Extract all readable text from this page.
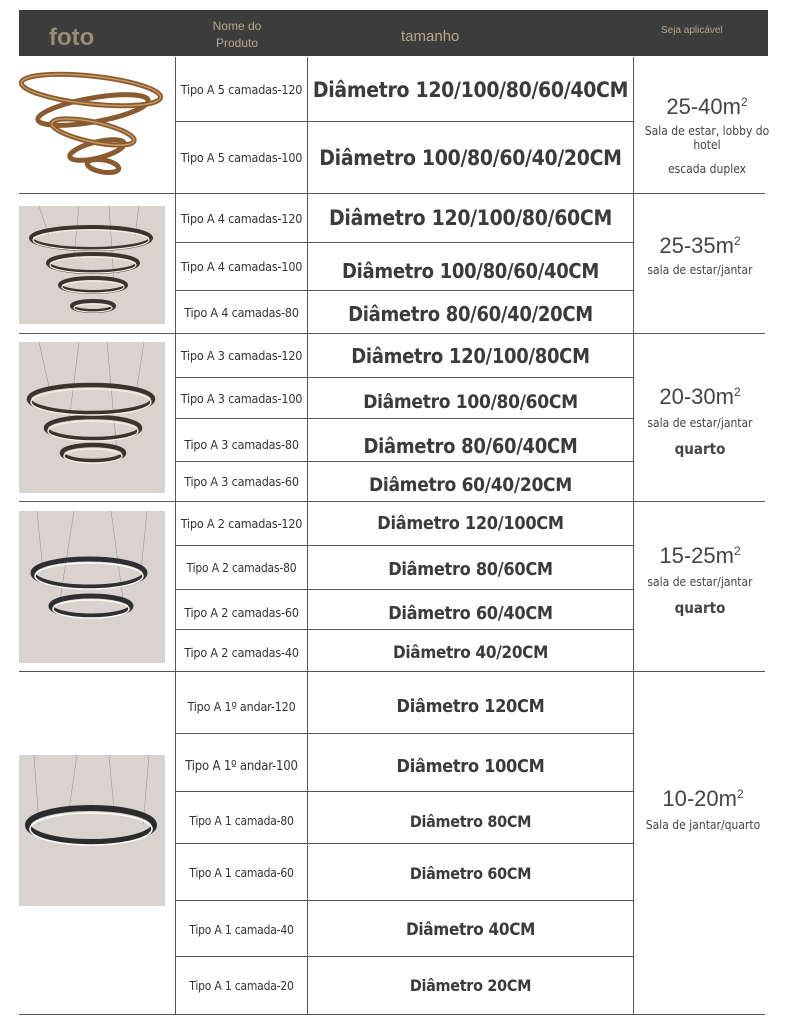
foto	Nome do
Produto	tamanho	Seja aplicável
Tipo A 5 camadas-120 Diâmetro 120/100/80/60/40CM
Tipo A 5 camadas-100 Diâmetro 100/80/60/40/20CM
$25-40m^2$
Sala de estar, lobby do hotel
escada duplex
Tipo A 4 camadas-120	Diâmetro 120/100/80/60CM
Tipo A 4 camadas-100	Diâmetro 100/80/60/40CM
Tipo A 4 camadas-80	Diâmetro 80/60/40/20CM
$25-35m^2$
sala de estar/jantar
Tipo A 3 camadas-120	Diâmetro 120/100/80CM
Tipo A 3 camadas-100	Diâmetro 100/80/60CM
Tipo A 3 camadas-80	Diâmetro 80/60/40CM
Tipo A 3 camadas-60	Diâmetro 60/40/20CM
$20-30m^2$
sala de estar/jantar
quarto
Tipo A 2 camadas-120	Diâmetro 120/100CM
Tipo A 2 camadas-80	Diâmetro 80/60CM
Tipo A 2 camadas-60	Diâmetro 60/40CM
Tipo A 2 camadas-40	Diâmetro 40/20CM
$15-25m^2$
sala de estar/jantar
quarto
Tipo A 1º andar-120	Diâmetro 120CM
Tipo A 1º andar-100	Diâmetro 100CM
Tipo A 1 camada-80	Diâmetro 80CM
Tipo A 1 camada-60	Diâmetro 60CM
Tipo A 1 camada-40	Diâmetro 40CM
Tipo A 1 camada-20	Diâmetro 20CM
$10-20m^2$
Sala de jantar/quarto
